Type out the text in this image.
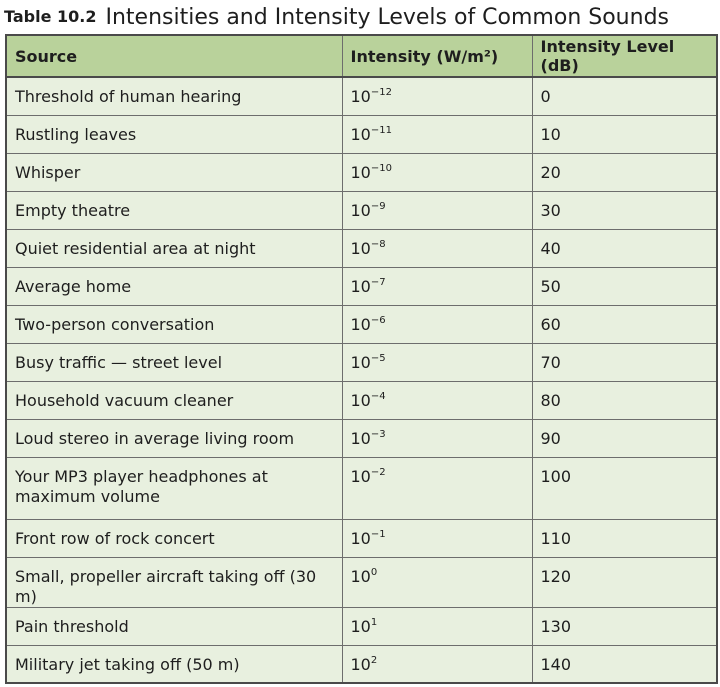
Table 10.2 Intensities and Intensity Levels of Common Sounds
Source	Intensity (W/m²)	Intensity Level (dB)
Threshold of human hearing	$10^{-12}$	0
Rustling leaves	$10^{-11}$	10
Whisper	$10^{-10}$	20
Empty theatre	$10^{-9}$	30
Quiet residential area at night	$10^{-8}$	40
Average home	$10^{-7}$	50
Two-person conversation	$10^{-6}$	60
Busy traffic — street level	$10^{-5}$	70
Household vacuum cleaner	$10^{-4}$	80
Loud stereo in average living room	$10^{-3}$	90
Your MP3 player headphones at maximum volume	$10^{-2}$	100
Front row of rock concert	$10^{-1}$	110
Small, propeller aircraft taking off (30 m)	$10^0$	120
Pain threshold	$10^1$	130
Military jet taking off (50 m)	$10^2$	140
